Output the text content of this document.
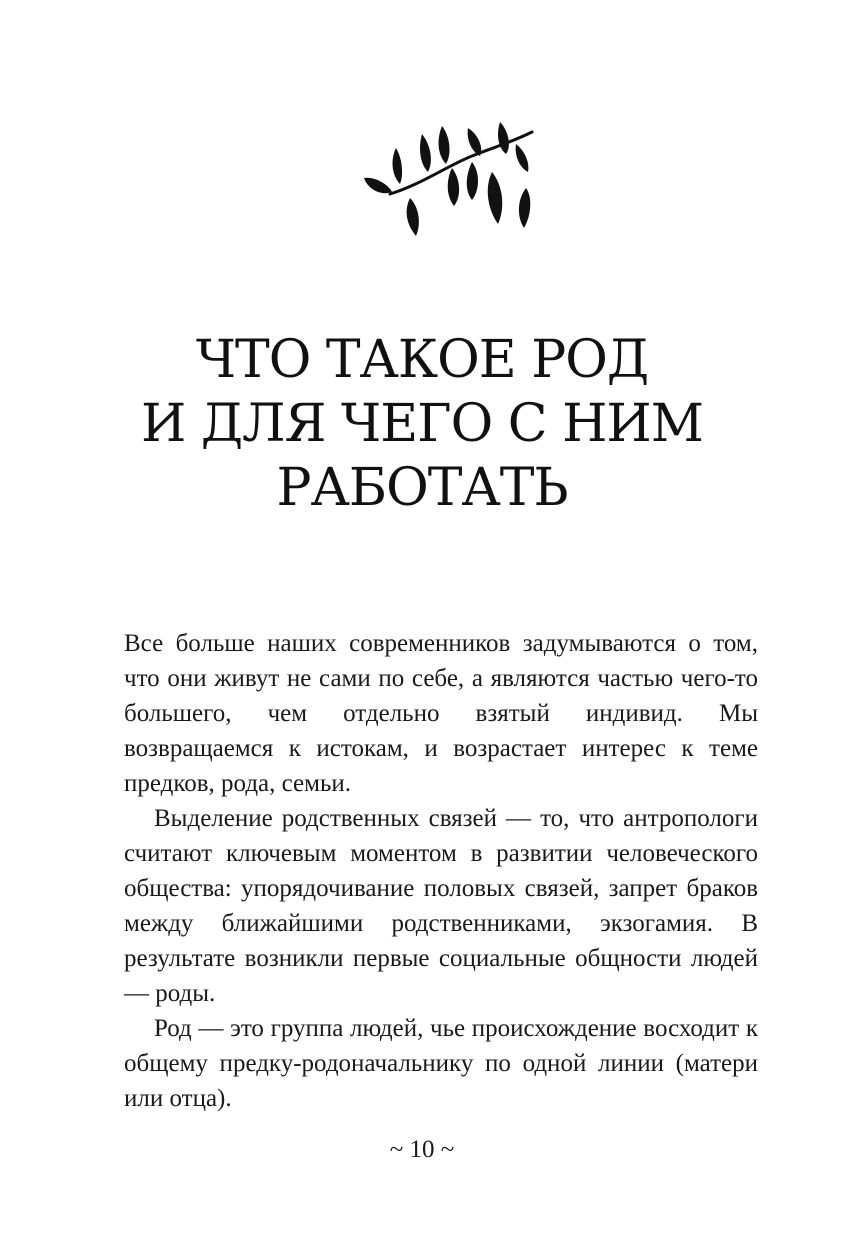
ЧТО ТАКОЕ РОД
И ДЛЯ ЧЕГО С НИМ
РАБОТАТЬ

Все больше наших современников задумываются о том, что они живут не сами по себе, а являются частью чего-то большего, чем отдельно взятый индивид. Мы возвращаемся к истокам, и возрастает интерес к теме предков, рода, семьи.

Выделение родственных связей — то, что антропологи считают ключевым моментом в развитии человеческого общества: упорядочивание половых связей, запрет браков между ближайшими родственниками, экзогамия. В результате возникли первые социальные общности людей — роды.

Род — это группа людей, чье происхождение восходит к общему предку-родоначальнику по одной линии (матери или отца).

~ 10 ~
